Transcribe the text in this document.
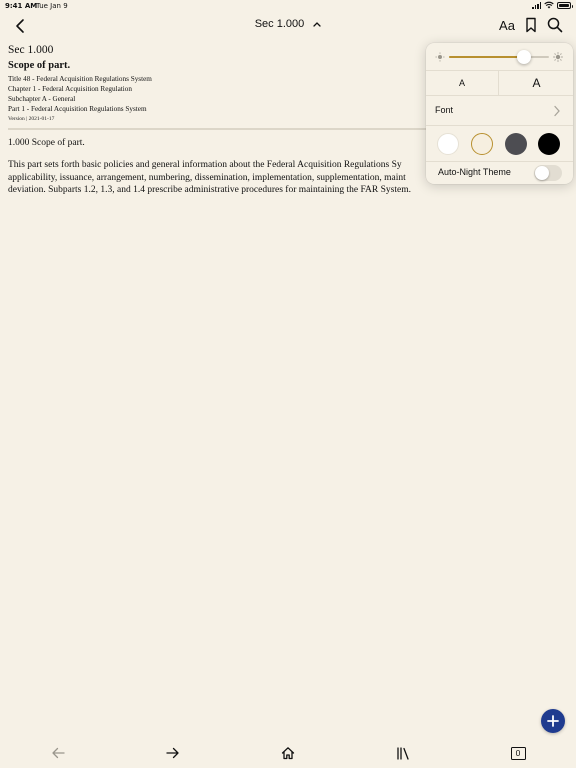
9:41 AM
Tue Jan 9
Sec 1.000	Aa
Sec 1.000
Scope of part.
Title 48 - Federal Acquisition Regulations System
Chapter 1 - Federal Acquisition Regulation
Subchapter A - General
Part 1 - Federal Acquisition Regulations System
Version | 2021-01-17
1.000 Scope of part.
This part sets forth basic policies and general information about the Federal Acquisition Regulations Sy
applicability, issuance, arrangement, numbering, dissemination, implementation, supplementation, maint
deviation. Subparts 1.2, 1.3, and 1.4 prescribe administrative procedures for maintaining the FAR System.
A	A
Font
Auto-Night Theme
0
